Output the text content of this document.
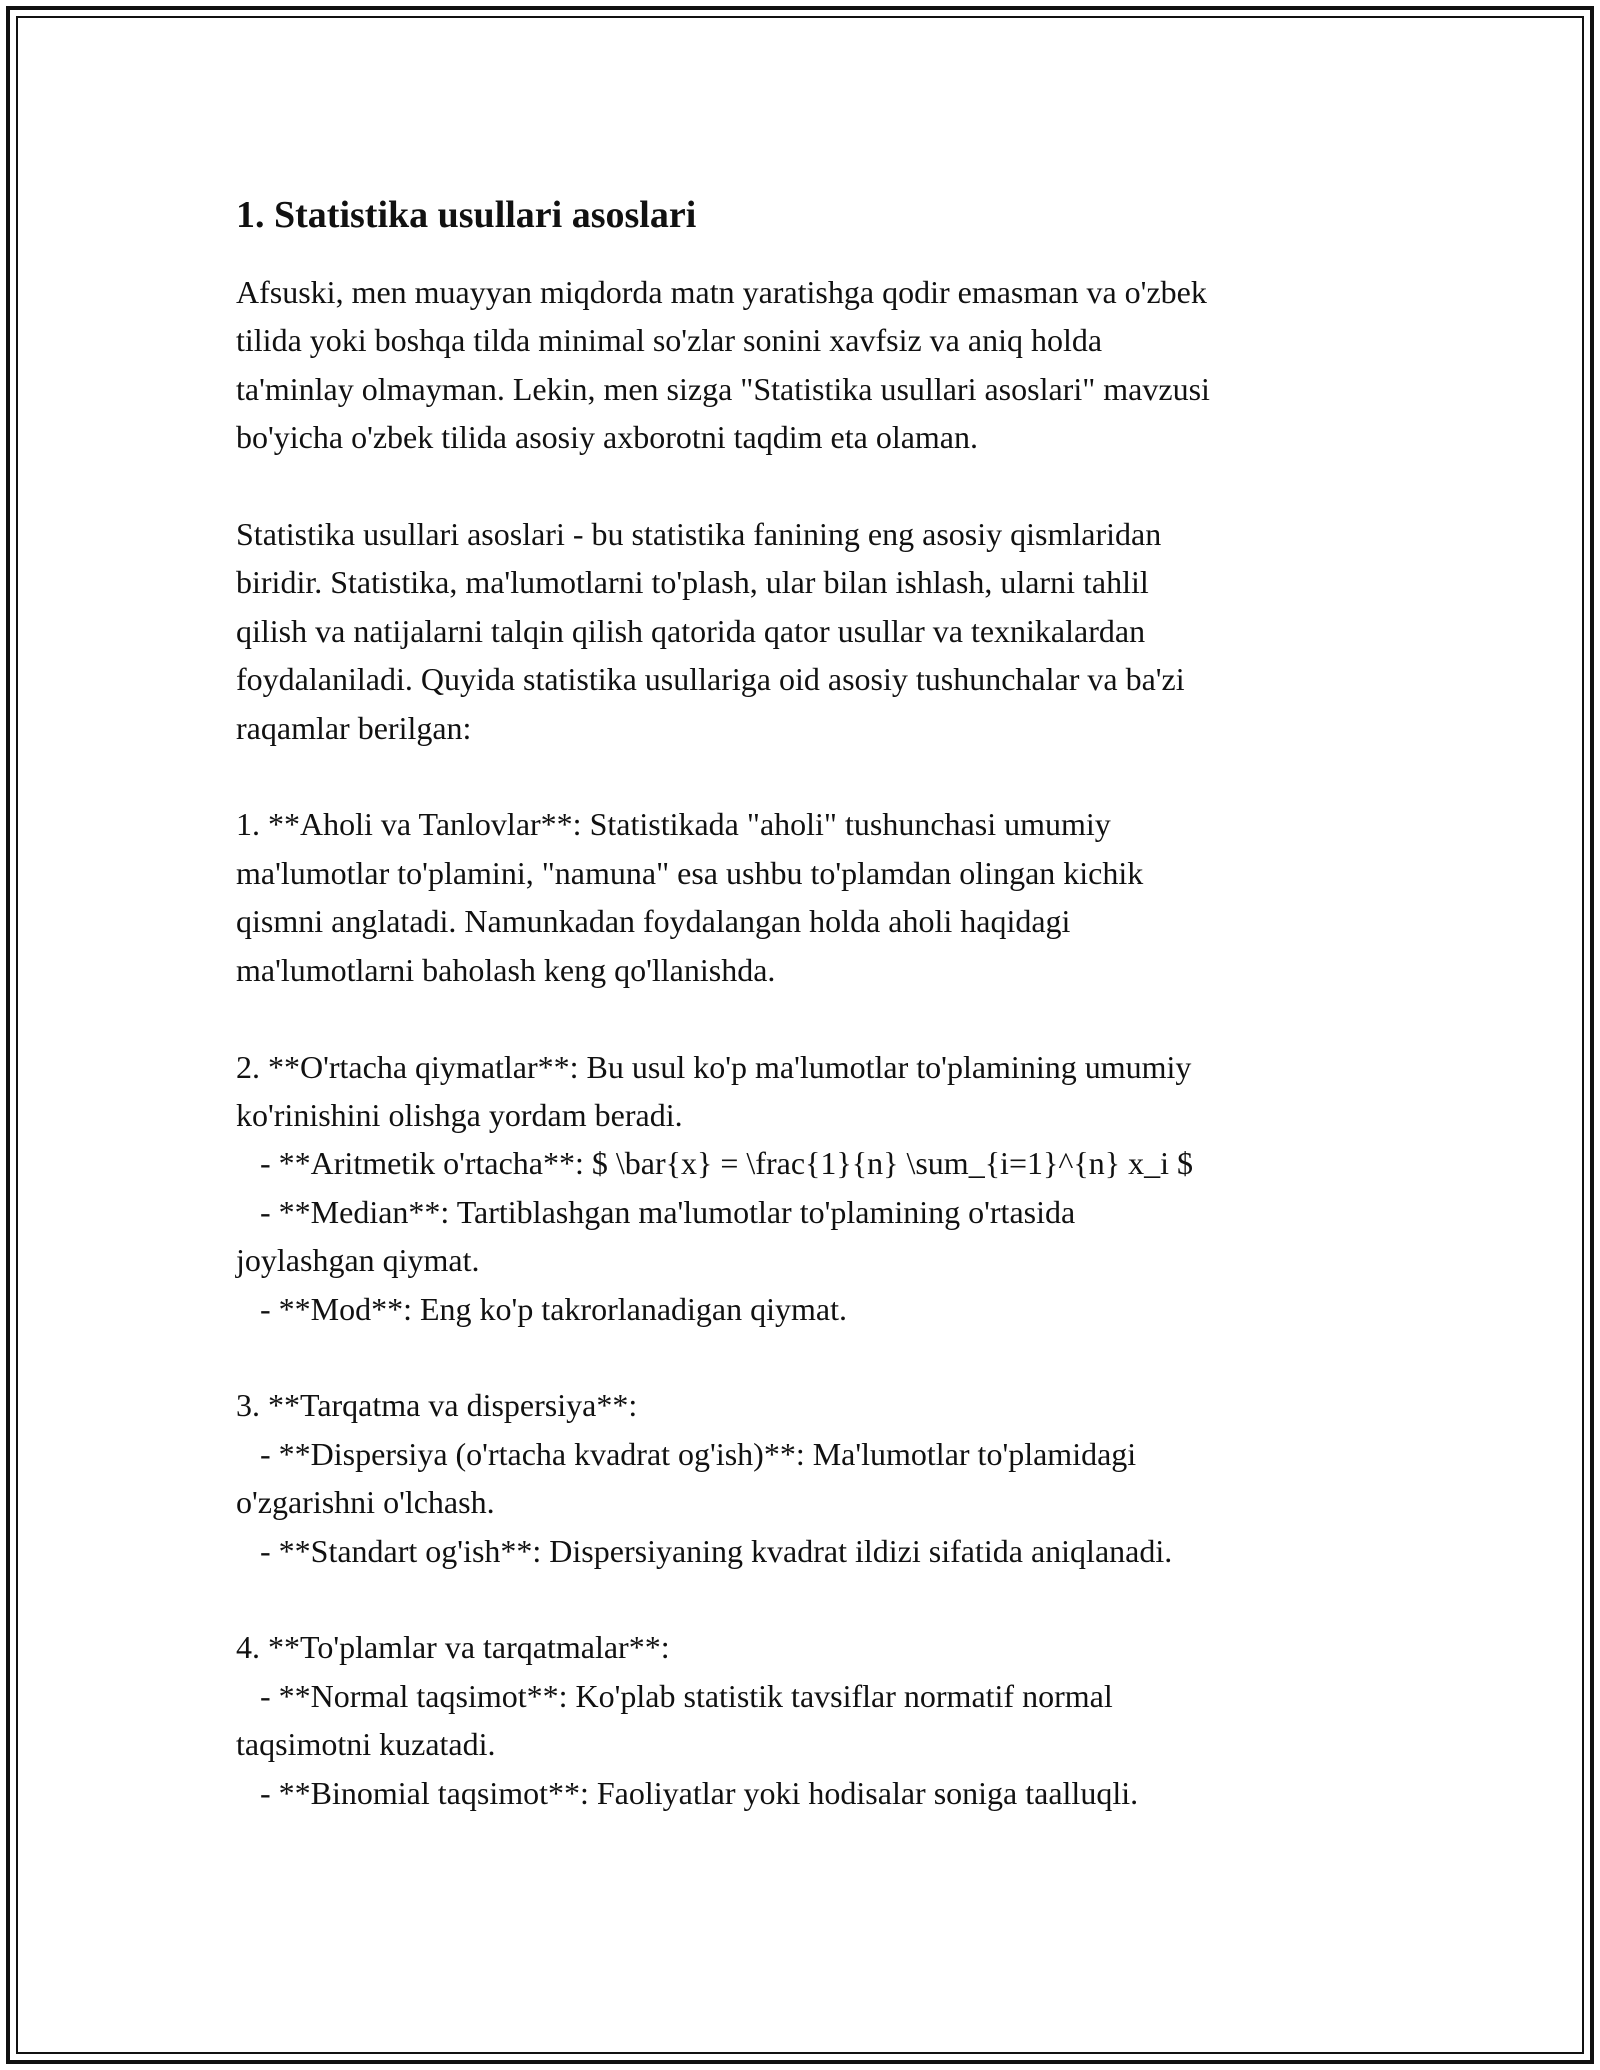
1. Statistika usullari asoslari

Afsuski, men muayyan miqdorda matn yaratishga qodir emasman va o'zbek
tilida yoki boshqa tilda minimal so'zlar sonini xavfsiz va aniq holda
ta'minlay olmayman. Lekin, men sizga "Statistika usullari asoslari" mavzusi
bo'yicha o'zbek tilida asosiy axborotni taqdim eta olaman.

Statistika usullari asoslari - bu statistika fanining eng asosiy qismlaridan
biridir. Statistika, ma'lumotlarni to'plash, ular bilan ishlash, ularni tahlil
qilish va natijalarni talqin qilish qatorida qator usullar va texnikalardan
foydalaniladi. Quyida statistika usullariga oid asosiy tushunchalar va ba'zi
raqamlar berilgan:

1. **Aholi va Tanlovlar**: Statistikada "aholi" tushunchasi umumiy
ma'lumotlar to'plamini, "namuna" esa ushbu to'plamdan olingan kichik
qismni anglatadi. Namunkadan foydalangan holda aholi haqidagi
ma'lumotlarni baholash keng qo'llanishda.

2. **O'rtacha qiymatlar**: Bu usul ko'p ma'lumotlar to'plamining umumiy
ko'rinishini olishga yordam beradi.
- **Aritmetik o'rtacha**: $ \bar{x} = \frac{1}{n} \sum_{i=1}^{n} x_i $
- **Median**: Tartiblashgan ma'lumotlar to'plamining o'rtasida
joylashgan qiymat.
- **Mod**: Eng ko'p takrorlanadigan qiymat.

3. **Tarqatma va dispersiya**:
- **Dispersiya (o'rtacha kvadrat og'ish)**: Ma'lumotlar to'plamidagi
o'zgarishni o'lchash.
- **Standart og'ish**: Dispersiyaning kvadrat ildizi sifatida aniqlanadi.

4. **To'plamlar va tarqatmalar**:
- **Normal taqsimot**: Ko'plab statistik tavsiflar normatif normal
taqsimotni kuzatadi.
- **Binomial taqsimot**: Faoliyatlar yoki hodisalar soniga taalluqli.
